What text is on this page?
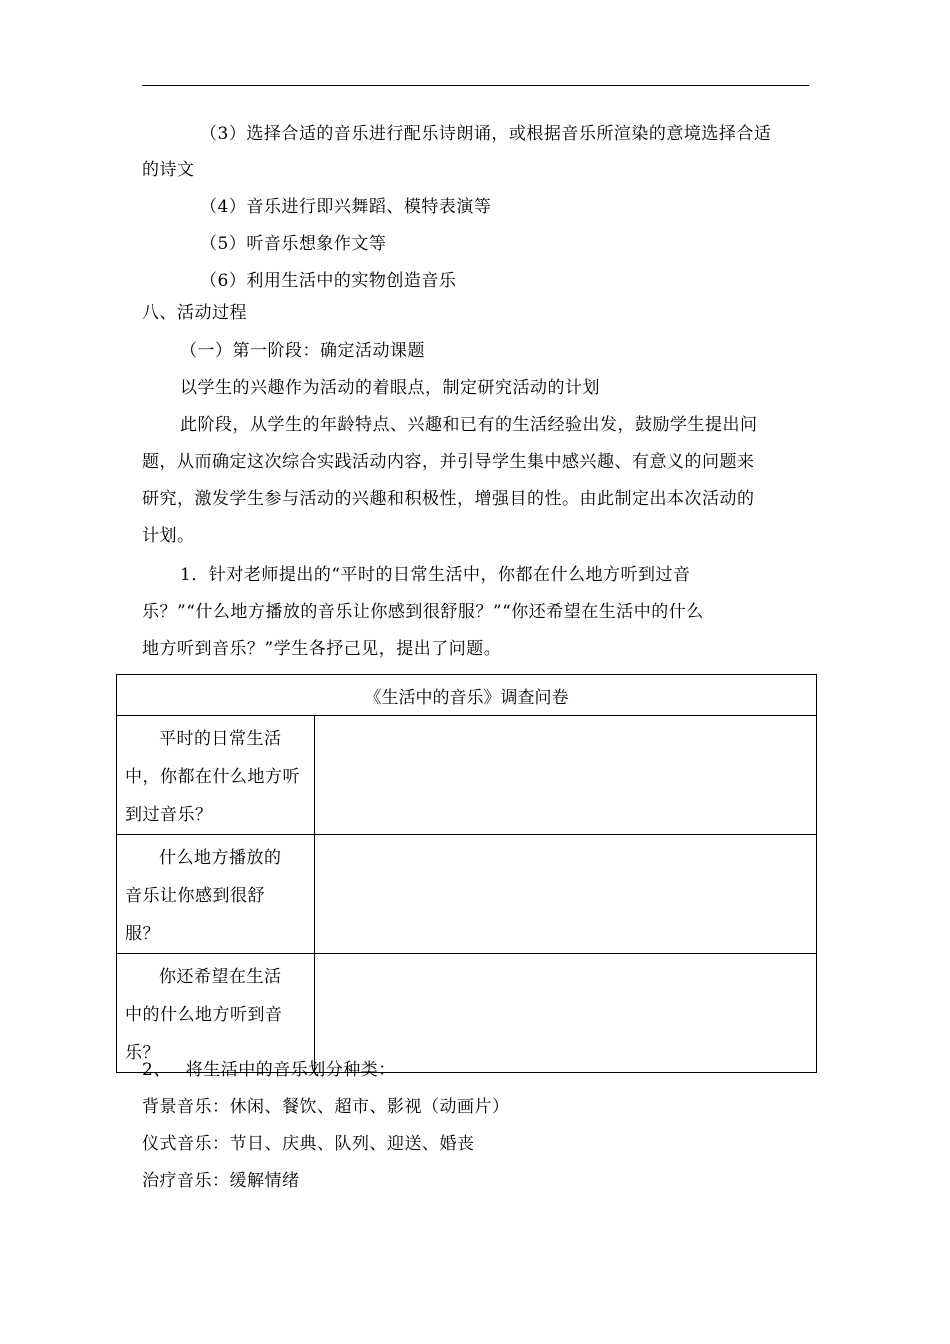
（3）选择合适的音乐进行配乐诗朗诵，或根据音乐所渲染的意境选择合适
的诗文
（4）音乐进行即兴舞蹈、模特表演等
（5）听音乐想象作文等
（6）利用生活中的实物创造音乐
八、活动过程
（一）第一阶段：确定活动课题
以学生的兴趣作为活动的着眼点，制定研究活动的计划
此阶段，从学生的年龄特点、兴趣和已有的生活经验出发，鼓励学生提出问
题，从而确定这次综合实践活动内容，并引导学生集中感兴趣、有意义的问题来
研究，激发学生参与活动的兴趣和积极性，增强目的性。由此制定出本次活动的
计划。
1．针对老师提出的“平时的日常生活中，你都在什么地方听到过音
乐？”“什么地方播放的音乐让你感到很舒服？”“你还希望在生活中的什么
地方听到音乐？”学生各抒己见，提出了问题。
《生活中的音乐》调查问卷	

平时的日常生活
中，你都在什么地方听
到过音乐？	

什么地方播放的
音乐让你感到很舒
服？	

你还希望在生活
中的什么地方听到音
乐？	

2、　 将生活中的音乐划分种类：
背景音乐：休闲、餐饮、超市、影视（动画片）
仪式音乐：节日、庆典、队列、迎送、婚丧
治疗音乐：缓解情绪
